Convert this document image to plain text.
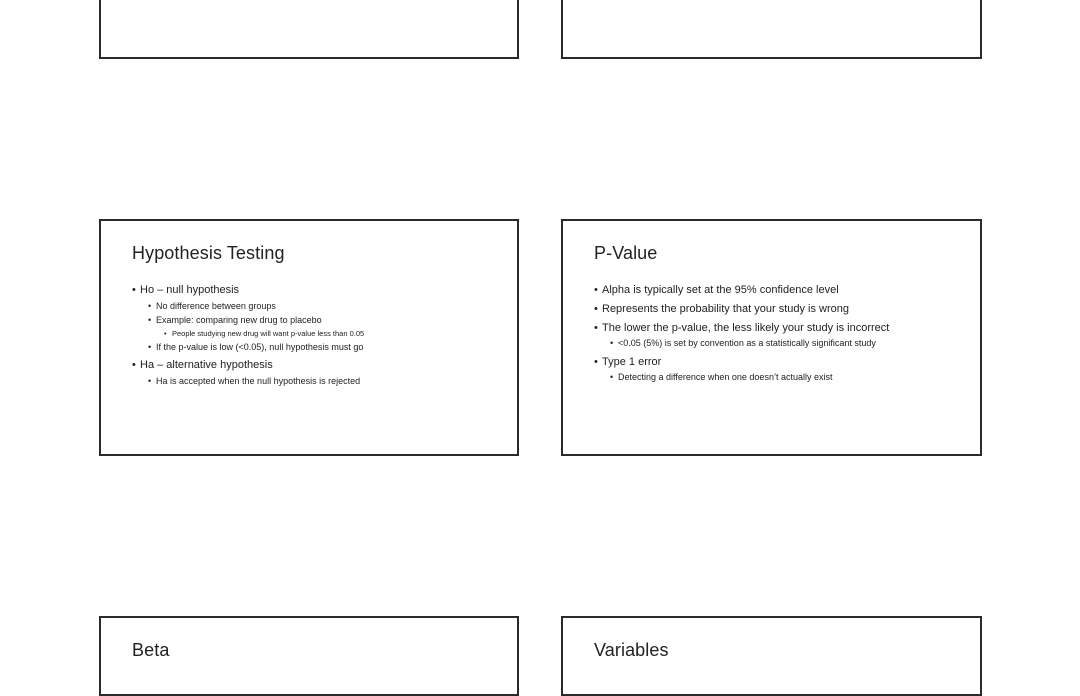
Hypothesis Testing
• Ho – null hypothesis
• No difference between groups
• Example: comparing new drug to placebo
• People studying new drug will want p-value less than 0.05
• If the p-value is low (<0.05), null hypothesis must go
• Ha – alternative hypothesis
• Ha is accepted when the null hypothesis is rejected
P-Value
• Alpha is typically set at the 95% confidence level
• Represents the probability that your study is wrong
• The lower the p-value, the less likely your study is incorrect
• <0.05 (5%) is set by convention as a statistically significant study
• Type 1 error
• Detecting a difference when one doesn’t actually exist
Beta	Variables
